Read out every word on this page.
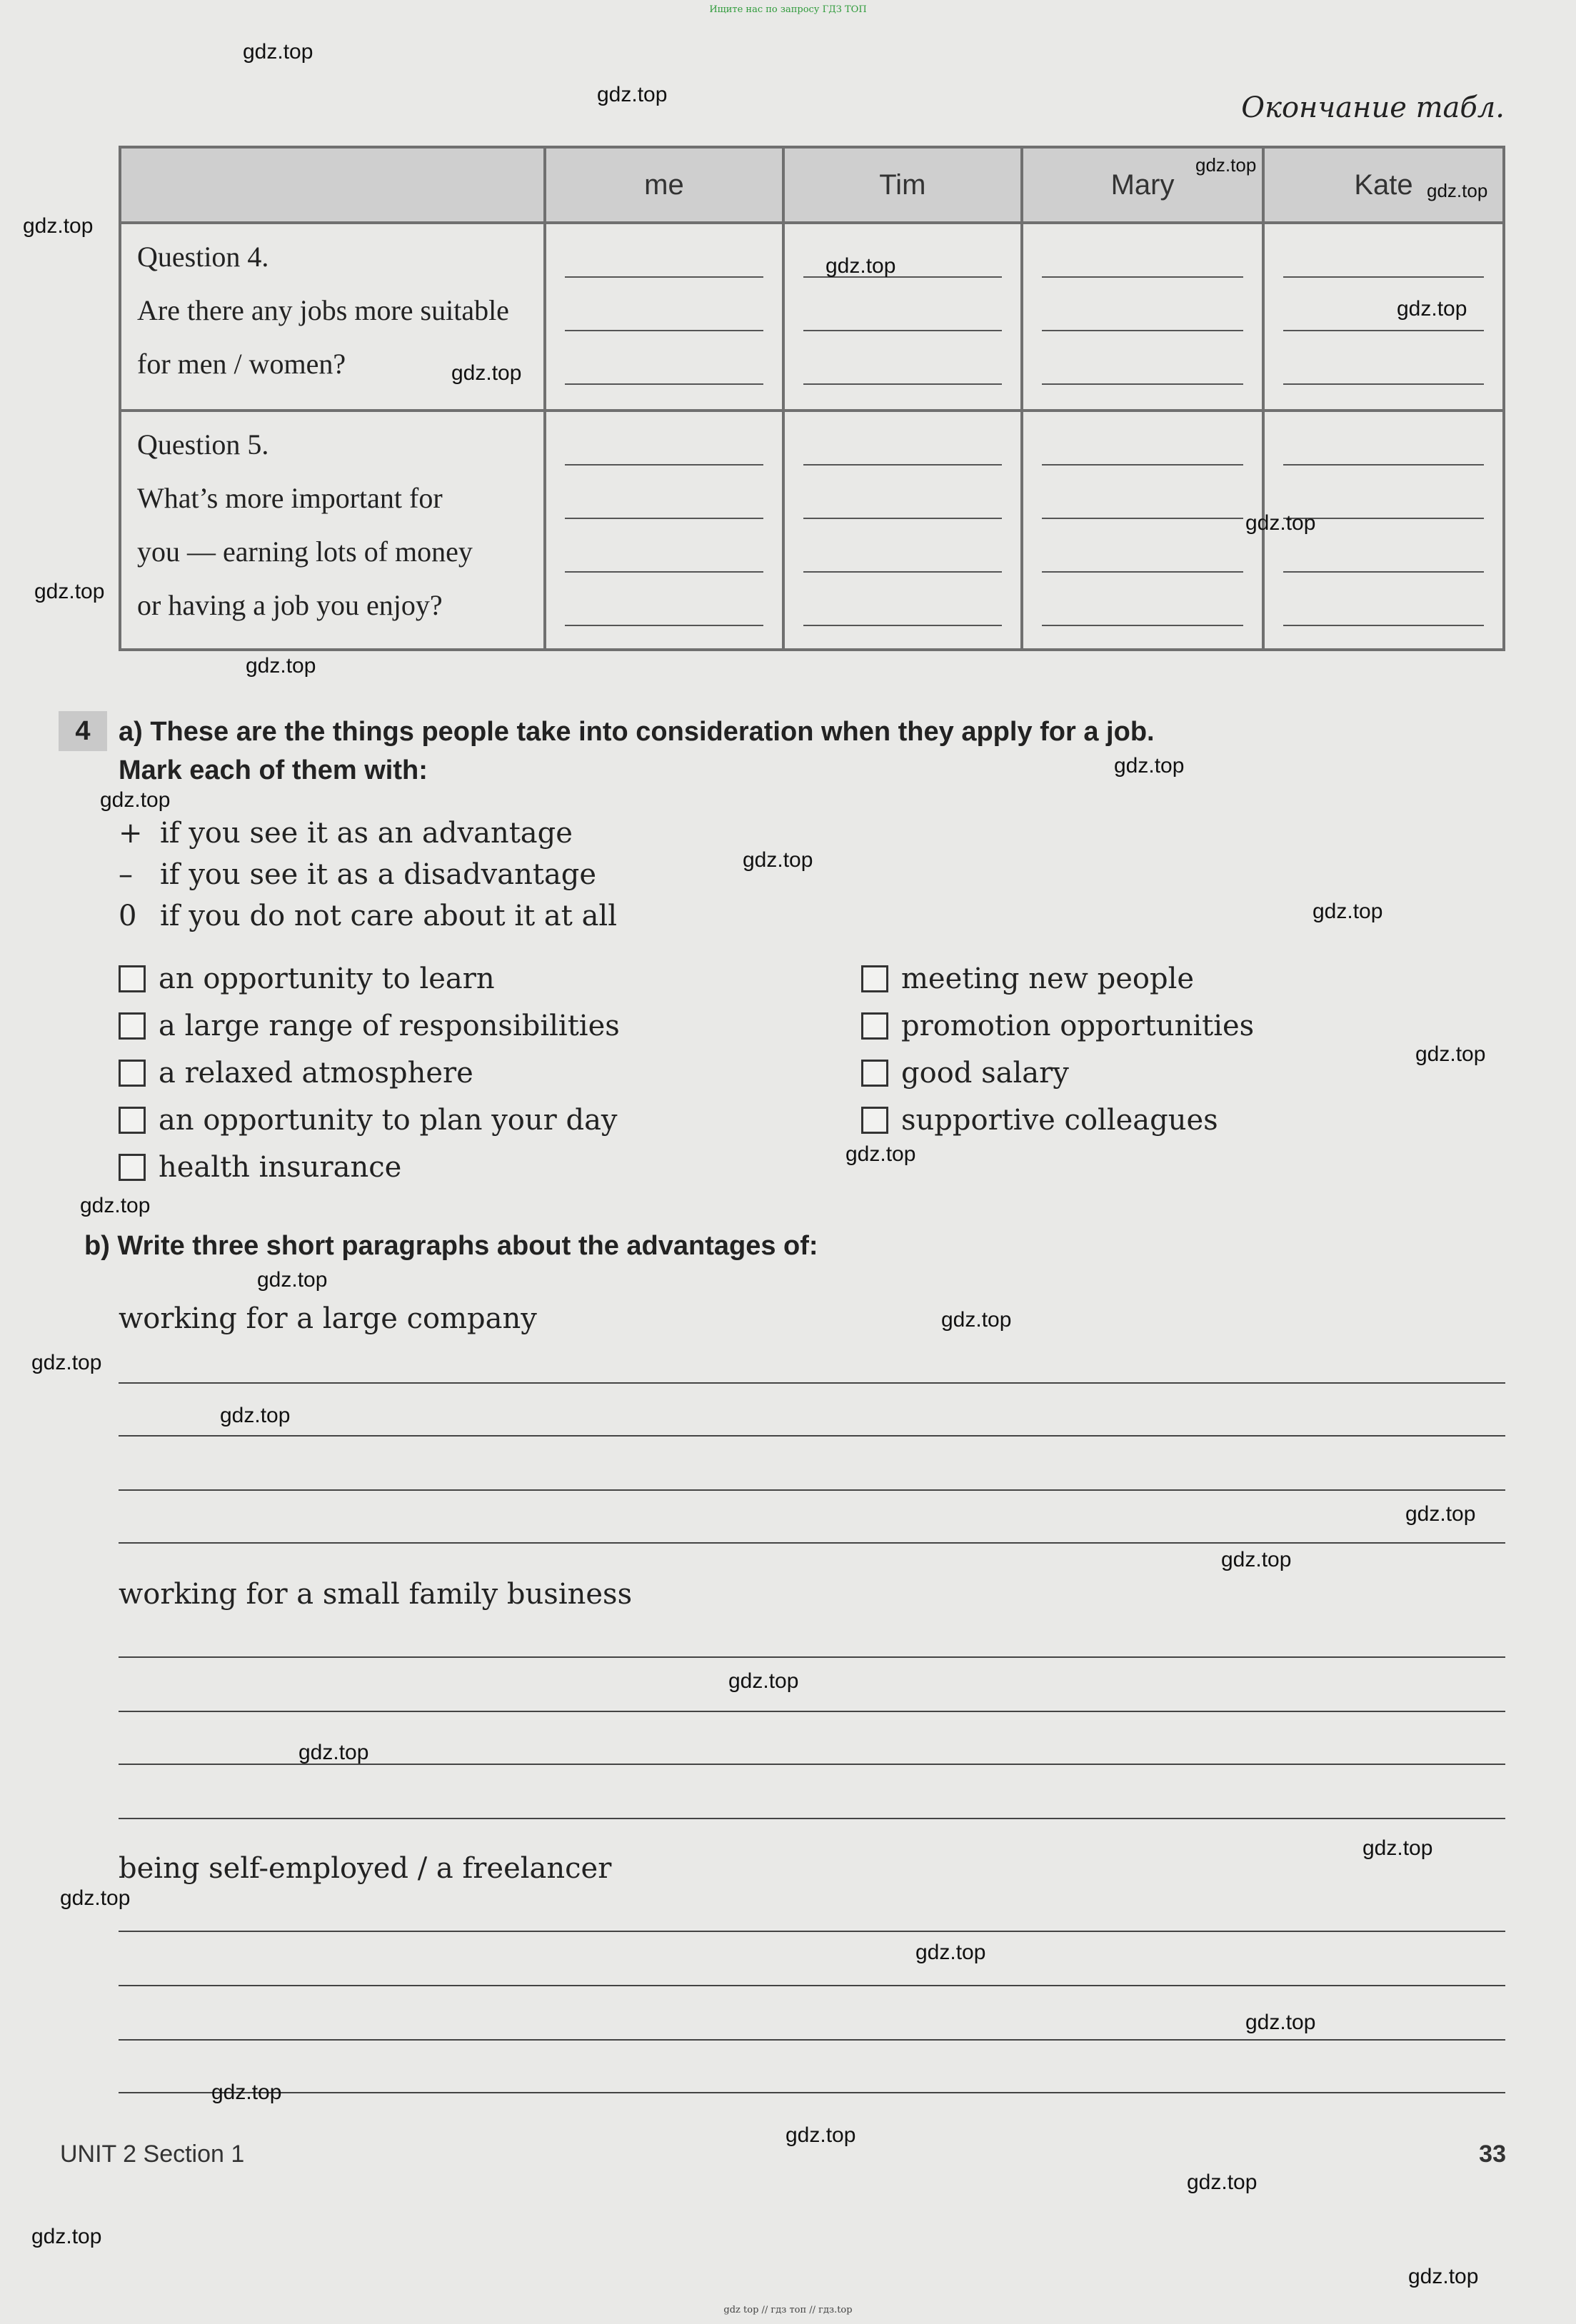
Ищите нас по запросу ГДЗ ТОП
Окончание табл.
	me	Tim	Mary	Kate

Question 4.
Are there any jobs more suitable
for men / women?				

Question 5.
What’s more important for
you — earning lots of money
or having a job you enjoy?				

4	a) These are the things people take into consideration when they apply for a job.
Mark each of them with:
+ if you see it as an advantage
– if you see it as a disadvantage
0 if you do not care about it at all
an opportunity to learn
a large range of responsibilities
a relaxed atmosphere
an opportunity to plan your day
health insurance
meeting new people
promotion opportunities
good salary
supportive colleagues
b) Write three short paragraphs about the advantages of:
working for a large company
working for a small family business
being self-employed / a freelancer
UNIT 2 Section 1	33
gdz.top
gdz.top
gdz.top
gdz.top
gdz.top
gdz.top
gdz.top
gdz.top
gdz.top
gdz.top
gdz.top
gdz.top
gdz.top
gdz.top
gdz.top
gdz.top
gdz.top
gdz.top
gdz.top
gdz.top
gdz.top
gdz.top
gdz.top
gdz.top
gdz.top
gdz.top
gdz.top
gdz.top
gdz.top
gdz.top
gdz.top
gdz.top
gdz.top
gdz.top
gdz.top
gdz top // гдз топ // гдз.top
